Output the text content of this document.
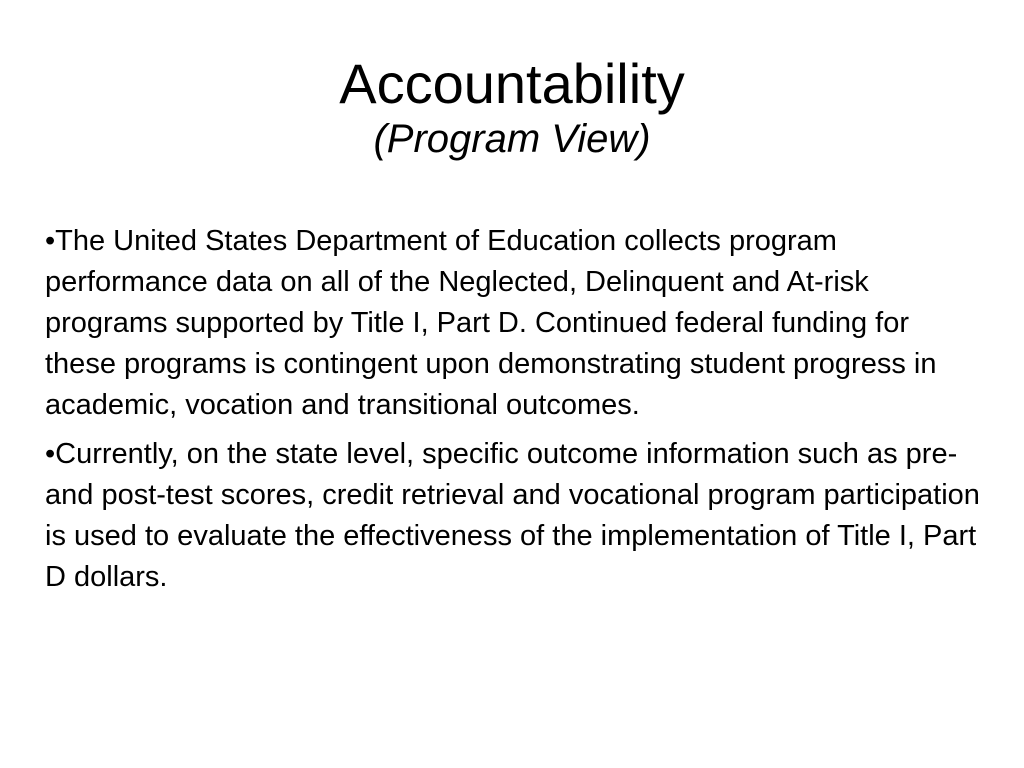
Accountability
(Program View)

•The United States Department of Education collects program performance data on all of the Neglected, Delinquent and At-risk programs supported by Title I, Part D. Continued federal funding for these programs is contingent upon demonstrating student progress in academic, vocation and transitional outcomes.

•Currently, on the state level, specific outcome information such as pre- and post-test scores, credit retrieval and vocational program participation is used to evaluate the effectiveness of the implementation of Title I, Part D dollars.
